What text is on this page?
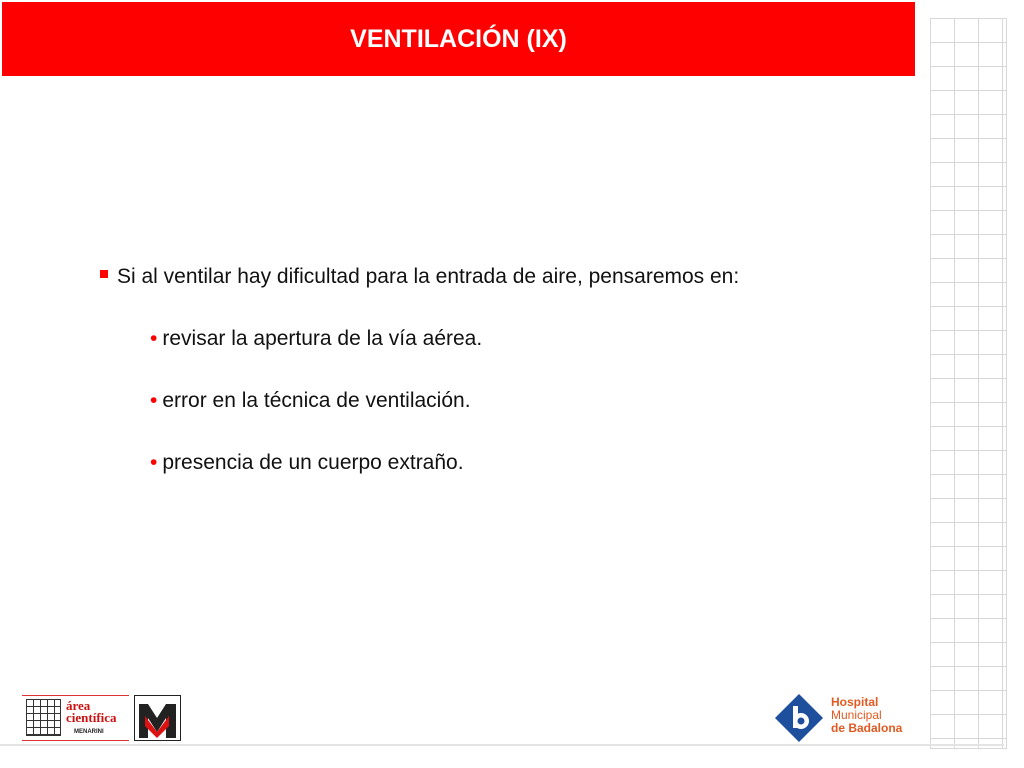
VENTILACIÓN (IX)
Si al ventilar hay dificultad para la entrada de aire, pensaremos en:
• revisar la apertura de la vía aérea.
• error en la técnica de ventilación.
• presencia de un cuerpo extraño.
área
científica
MENARINI
Hospital
Municipal
de Badalona
